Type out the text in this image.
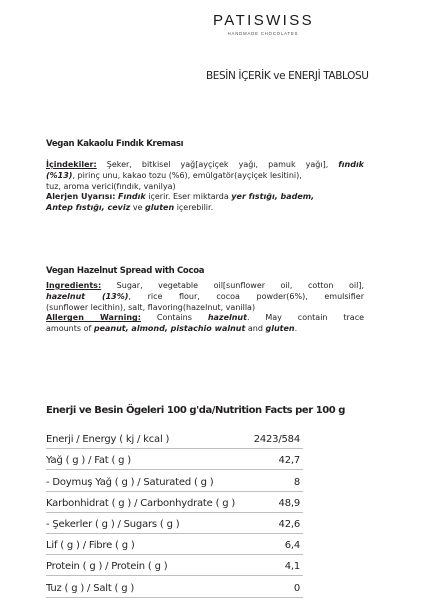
PATISWISS
HANDMADE CHOCOLATES
BESİN İÇERİK ve ENERJİ TABLOSU
Vegan Kakaolu Fındık Kreması
İçindekiler: Şeker, bitkisel yağ[ayçiçek yağı, pamuk yağı], fındık
(%13), pirinç unu, kakao tozu (%6), emülgatör(ayçiçek lesitini),
tuz, aroma verici(fındık, vanilya)
Alerjen Uyarısı: Fındık içerir. Eser miktarda yer fıstığı, badem,
Antep fıstığı, ceviz ve gluten içerebilir.
Vegan Hazelnut Spread with Cocoa
Ingredients: Sugar, vegetable oil[sunflower oil, cotton oil],
hazelnut (13%), rice flour, cocoa powder(6%), emulsifier
(sunflower lecithin), salt, flavoring(hazelnut, vanilla)
Allergen Warning: Contains hazelnut. May contain trace
amounts of peanut, almond, pistachio walnut and gluten.
Enerji ve Besin Ögeleri 100 g'da/Nutrition Facts per 100 g
Enerji / Energy ( kj / kcal )	2423/584
Yağ ( g ) / Fat ( g )	42,7
- Doymuş Yağ ( g ) / Saturated ( g )	8
Karbonhidrat ( g ) / Carbonhydrate ( g )	48,9
- Şekerler ( g ) / Sugars ( g )	42,6
Lif ( g ) / Fibre ( g )	6,4
Protein ( g ) / Protein ( g )	4,1
Tuz ( g ) / Salt ( g )	0
